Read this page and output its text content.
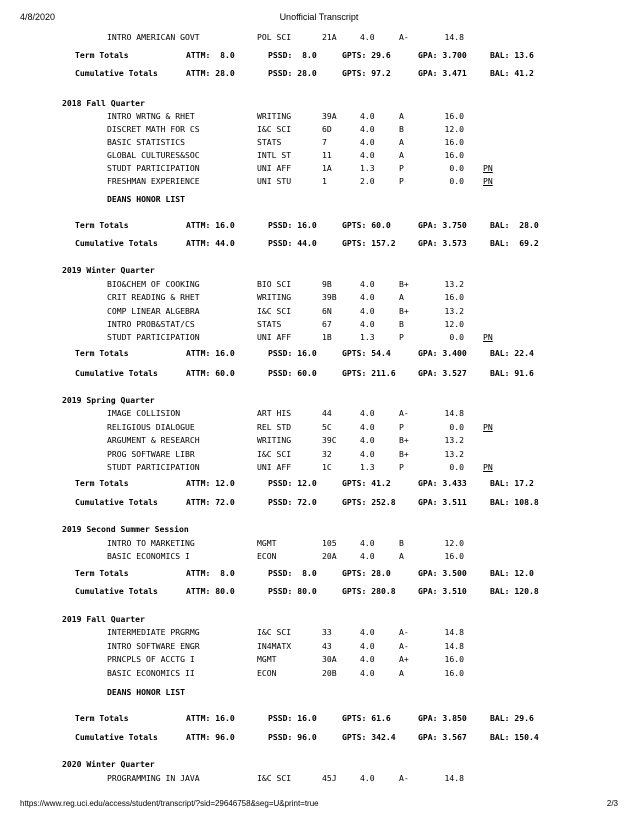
4/8/2020	Unofficial Transcript
INTRO AMERICAN GOVT	POL SCI	21A	4.0	A-	14.8
Term Totals	ATTM:  8.0	PSSD:  8.0	GPTS: 29.6	GPA: 3.700	BAL: 13.6
Cumulative Totals	ATTM: 28.0	PSSD: 28.0	GPTS: 97.2	GPA: 3.471	BAL: 41.2
2018 Fall Quarter
INTRO WRTNG & RHET	WRITING	39A	4.0	A	16.0
DISCRET MATH FOR CS	I&C SCI	6D	4.0	B	12.0
BASIC STATISTICS	STATS	7	4.0	A	16.0
GLOBAL CULTURES&SOC	INTL ST	11	4.0	A	16.0
STUDT PARTICIPATION	UNI AFF	1A	1.3	P	0.0 PN
FRESHMAN EXPERIENCE	UNI STU	1	2.0	P	0.0 PN
DEANS HONOR LIST
Term Totals	ATTM: 16.0	PSSD: 16.0	GPTS: 60.0	GPA: 3.750	BAL:  28.0
Cumulative Totals	ATTM: 44.0	PSSD: 44.0	GPTS: 157.2	GPA: 3.573	BAL:  69.2
2019 Winter Quarter
BIO&CHEM OF COOKING	BIO SCI	9B	4.0	B+	13.2
CRIT READING & RHET	WRITING	39B	4.0	A	16.0
COMP LINEAR ALGEBRA	I&C SCI	6N	4.0	B+	13.2
INTRO PROB&STAT/CS	STATS	67	4.0	B	12.0
STUDT PARTICIPATION	UNI AFF	1B	1.3	P	0.0 PN
Term Totals	ATTM: 16.0	PSSD: 16.0	GPTS: 54.4	GPA: 3.400	BAL: 22.4
Cumulative Totals	ATTM: 60.0	PSSD: 60.0	GPTS: 211.6	GPA: 3.527	BAL: 91.6
2019 Spring Quarter
IMAGE COLLISION	ART HIS	44	4.0	A-	14.8
RELIGIOUS DIALOGUE	REL STD	5C	4.0	P	0.0 PN
ARGUMENT & RESEARCH	WRITING	39C	4.0	B+	13.2
PROG SOFTWARE LIBR	I&C SCI	32	4.0	B+	13.2
STUDT PARTICIPATION	UNI AFF	1C	1.3	P	0.0 PN
Term Totals	ATTM: 12.0	PSSD: 12.0	GPTS: 41.2	GPA: 3.433	BAL: 17.2
Cumulative Totals	ATTM: 72.0	PSSD: 72.0	GPTS: 252.8	GPA: 3.511	BAL: 108.8
2019 Second Summer Session
INTRO TO MARKETING	MGMT	105	4.0	B	12.0
BASIC ECONOMICS I	ECON	20A	4.0	A	16.0
Term Totals	ATTM:  8.0	PSSD:  8.0	GPTS: 28.0	GPA: 3.500	BAL: 12.0
Cumulative Totals	ATTM: 80.0	PSSD: 80.0	GPTS: 280.8	GPA: 3.510	BAL: 120.8
2019 Fall Quarter
INTERMEDIATE PRGRMG	I&C SCI	33	4.0	A-	14.8
INTRO SOFTWARE ENGR	IN4MATX	43	4.0	A-	14.8
PRNCPLS OF ACCTG I	MGMT	30A	4.0	A+	16.0
BASIC ECONOMICS II	ECON	20B	4.0	A	16.0
DEANS HONOR LIST
Term Totals	ATTM: 16.0	PSSD: 16.0	GPTS: 61.6	GPA: 3.850	BAL: 29.6
Cumulative Totals	ATTM: 96.0	PSSD: 96.0	GPTS: 342.4	GPA: 3.567	BAL: 150.4
2020 Winter Quarter
PROGRAMMING IN JAVA	I&C SCI	45J	4.0	A-	14.8
https://www.reg.uci.edu/access/student/transcript/?sid=29646758&seg=U&print=true	2/3
